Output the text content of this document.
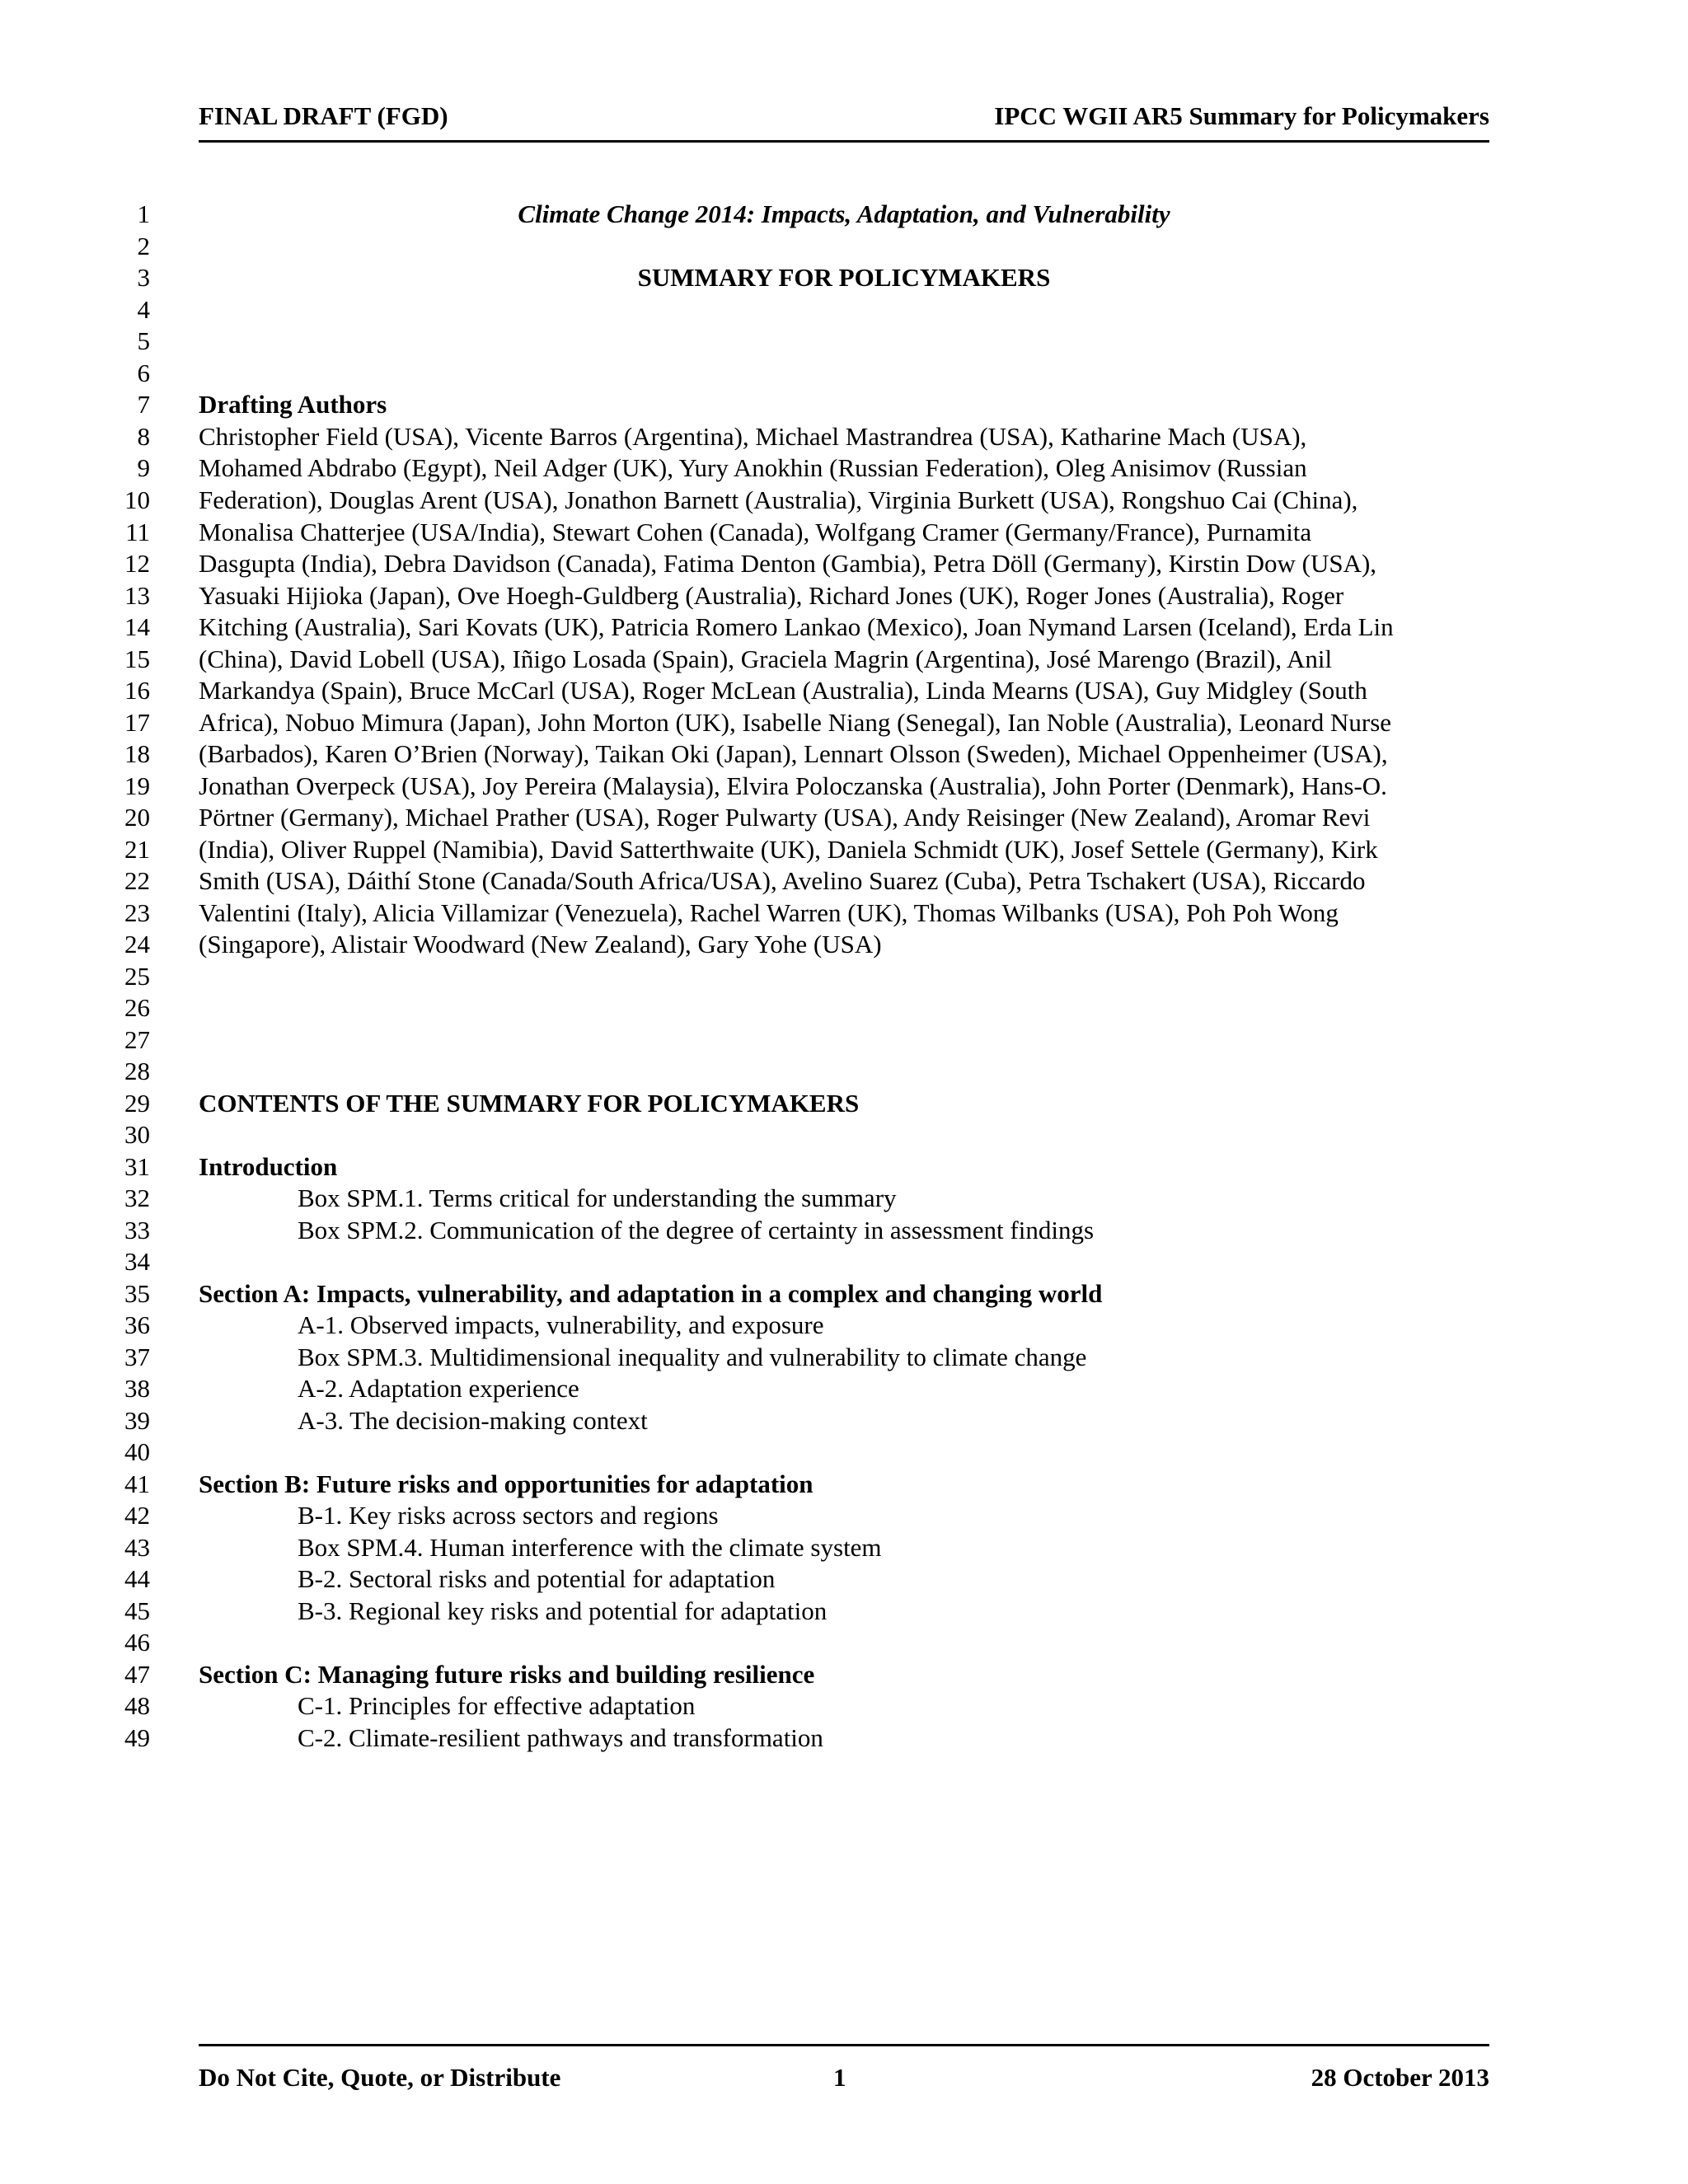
FINAL DRAFT (FGD)	IPCC WGII AR5 Summary for Policymakers
1	Climate Change 2014: Impacts, Adaptation, and Vulnerability
2
3	SUMMARY FOR POLICYMAKERS
4
5
6
7 Drafting Authors
8 Christopher Field (USA), Vicente Barros (Argentina), Michael Mastrandrea (USA), Katharine Mach (USA),
9 Mohamed Abdrabo (Egypt), Neil Adger (UK), Yury Anokhin (Russian Federation), Oleg Anisimov (Russian
10 Federation), Douglas Arent (USA), Jonathon Barnett (Australia), Virginia Burkett (USA), Rongshuo Cai (China),
11 Monalisa Chatterjee (USA/India), Stewart Cohen (Canada), Wolfgang Cramer (Germany/France), Purnamita
12 Dasgupta (India), Debra Davidson (Canada), Fatima Denton (Gambia), Petra Döll (Germany), Kirstin Dow (USA),
13 Yasuaki Hijioka (Japan), Ove Hoegh-Guldberg (Australia), Richard Jones (UK), Roger Jones (Australia), Roger
14 Kitching (Australia), Sari Kovats (UK), Patricia Romero Lankao (Mexico), Joan Nymand Larsen (Iceland), Erda Lin
15 (China), David Lobell (USA), Iñigo Losada (Spain), Graciela Magrin (Argentina), José Marengo (Brazil), Anil
16 Markandya (Spain), Bruce McCarl (USA), Roger McLean (Australia), Linda Mearns (USA), Guy Midgley (South
17 Africa), Nobuo Mimura (Japan), John Morton (UK), Isabelle Niang (Senegal), Ian Noble (Australia), Leonard Nurse
18 (Barbados), Karen O’Brien (Norway), Taikan Oki (Japan), Lennart Olsson (Sweden), Michael Oppenheimer (USA),
19 Jonathan Overpeck (USA), Joy Pereira (Malaysia), Elvira Poloczanska (Australia), John Porter (Denmark), Hans-O.
20 Pörtner (Germany), Michael Prather (USA), Roger Pulwarty (USA), Andy Reisinger (New Zealand), Aromar Revi
21 (India), Oliver Ruppel (Namibia), David Satterthwaite (UK), Daniela Schmidt (UK), Josef Settele (Germany), Kirk
22 Smith (USA), Dáithí Stone (Canada/South Africa/USA), Avelino Suarez (Cuba), Petra Tschakert (USA), Riccardo
23 Valentini (Italy), Alicia Villamizar (Venezuela), Rachel Warren (UK), Thomas Wilbanks (USA), Poh Poh Wong
24 (Singapore), Alistair Woodward (New Zealand), Gary Yohe (USA)
25
26
27
28
29 CONTENTS OF THE SUMMARY FOR POLICYMAKERS
30
31 Introduction
32	Box SPM.1. Terms critical for understanding the summary
33	Box SPM.2. Communication of the degree of certainty in assessment findings
34
35 Section A: Impacts, vulnerability, and adaptation in a complex and changing world
36	A-1. Observed impacts, vulnerability, and exposure
37	Box SPM.3. Multidimensional inequality and vulnerability to climate change
38	A-2. Adaptation experience
39	A-3. The decision-making context
40
41 Section B: Future risks and opportunities for adaptation
42	B-1. Key risks across sectors and regions
43	Box SPM.4. Human interference with the climate system
44	B-2. Sectoral risks and potential for adaptation
45	B-3. Regional key risks and potential for adaptation
46
47 Section C: Managing future risks and building resilience
48	C-1. Principles for effective adaptation
49	C-2. Climate-resilient pathways and transformation
Do Not Cite, Quote, or Distribute	1	28 October 2013
